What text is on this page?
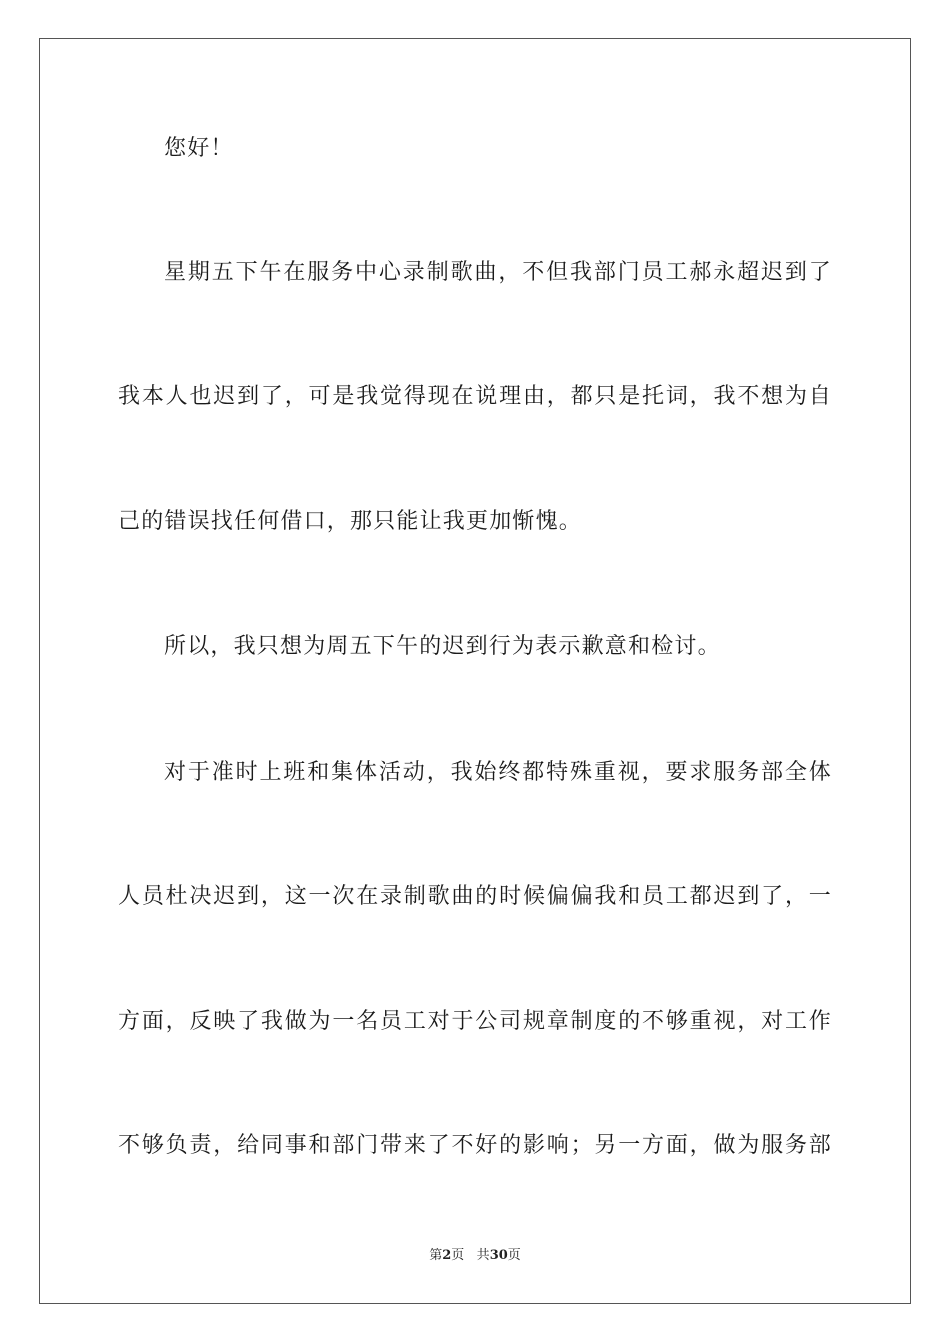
您好！
星期五下午在服务中心录制歌曲，不但我部门员工郝永超迟到了
我本人也迟到了，可是我觉得现在说理由，都只是托词，我不想为自
己的错误找任何借口，那只能让我更加惭愧。
所以，我只想为周五下午的迟到行为表示歉意和检讨。
对于准时上班和集体活动，我始终都特殊重视，要求服务部全体
人员杜决迟到，这一次在录制歌曲的时候偏偏我和员工都迟到了，一
方面，反映了我做为一名员工对于公司规章制度的不够重视，对工作
不够负责，给同事和部门带来了不好的影响；另一方面，做为服务部
第2页 共30页
